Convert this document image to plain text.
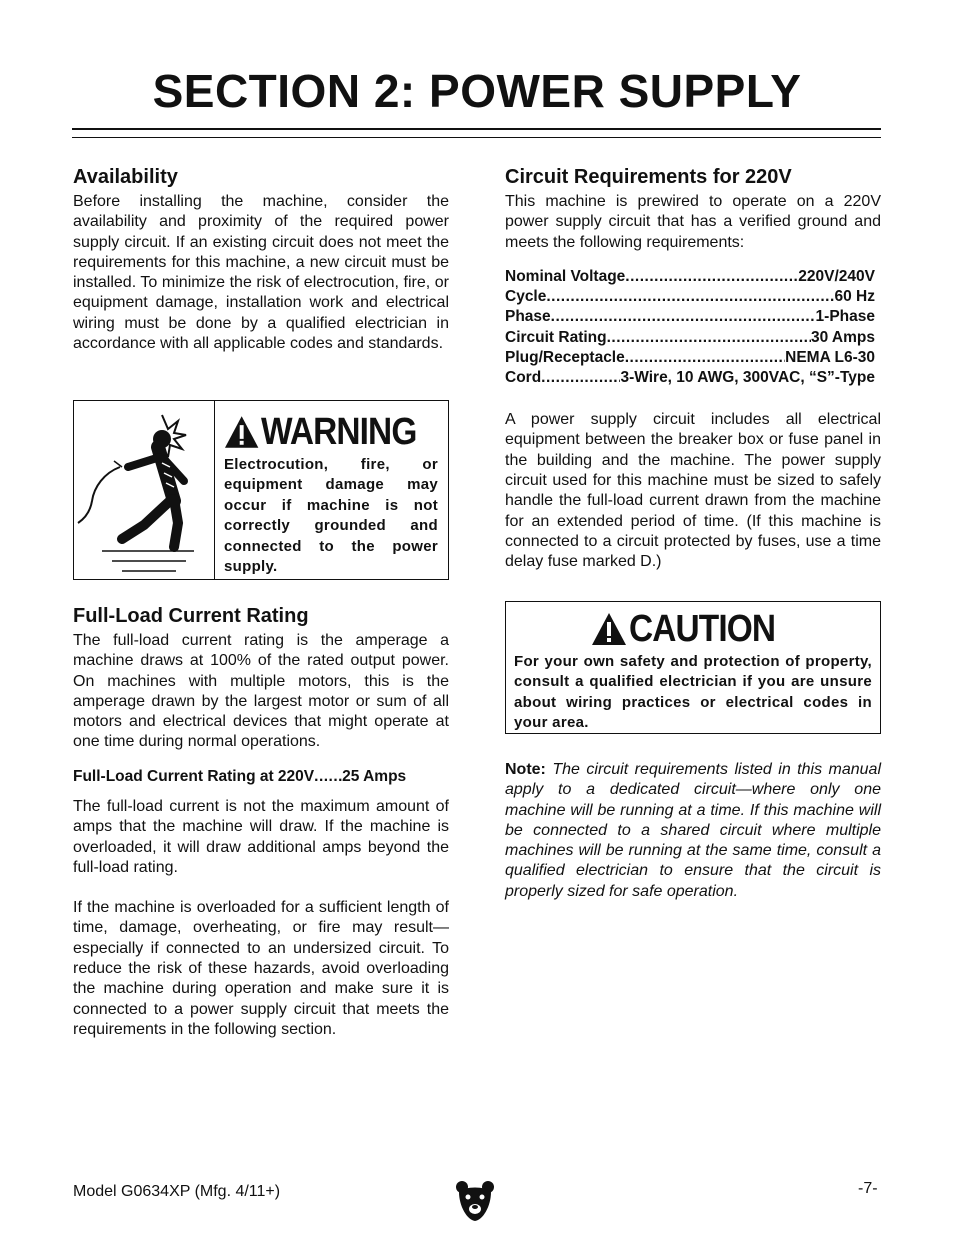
SECTION 2: POWER SUPPLY
Availability

Before installing the machine, consider the availability and proximity of the required power supply circuit. If an existing circuit does not meet the requirements for this machine, a new circuit must be installed. To minimize the risk of electrocution, fire, or equipment damage, installation work and electrical wiring must be done by a qualified electrician in accordance with all applicable codes and standards.

WARNING
Electrocution, fire, or equipment damage may occur if machine is not correctly grounded and connected to the power supply.
Full-Load Current Rating

The full-load current rating is the amperage a machine draws at 100% of the rated output power. On machines with multiple motors, this is the amperage drawn by the largest motor or sum of all motors and electrical devices that might operate at one time during normal operations.

Full-Load Current Rating at 220V ..... 25 Amps

The full-load current is not the maximum amount of amps that the machine will draw. If the machine is overloaded, it will draw additional amps beyond the full-load rating.

If the machine is overloaded for a sufficient length of time, damage, overheating, or fire may result—especially if connected to an undersized circuit. To reduce the risk of these hazards, avoid overloading the machine during operation and make sure it is connected to a power supply circuit that meets the requirements in the following section.

Circuit Requirements for 220V

This machine is prewired to operate on a 220V power supply circuit that has a verified ground and meets the following requirements:

Nominal Voltage .....	220V/240V
Cycle .....	60 Hz
Phase .....	1-Phase
Circuit Rating .....	30 Amps
Plug/Receptacle .....	NEMA L6-30
Cord .....	3-Wire, 10 AWG, 300VAC, “S”-Type

A power supply circuit includes all electrical equipment between the breaker box or fuse panel in the building and the machine. The power supply circuit used for this machine must be sized to safely handle the full-load current drawn from the machine for an extended period of time. (If this machine is connected to a circuit protected by fuses, use a time delay fuse marked D.)

CAUTION
For your own safety and protection of property, consult a qualified electrician if you are unsure about wiring practices or electrical codes in your area.
Note: The circuit requirements listed in this manual apply to a dedicated circuit—where only one machine will be running at a time. If this machine will be connected to a shared circuit where multiple machines will be running at the same time, consult a qualified electrician to ensure that the circuit is properly sized for safe operation.
Model G0634XP (Mfg. 4/11+)	-7-
